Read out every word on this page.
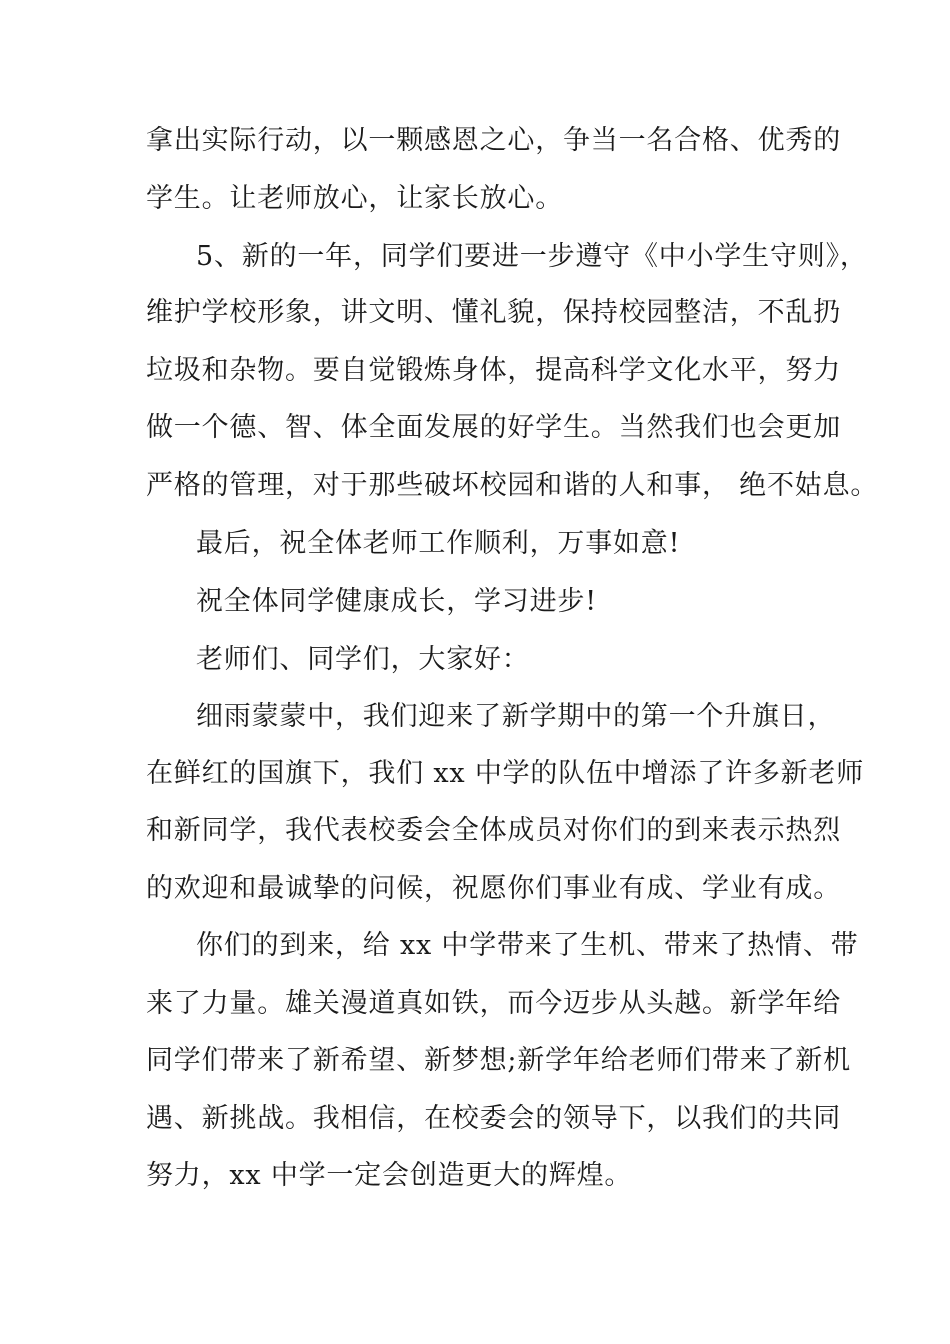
拿出实际行动，以一颗感恩之心，争当一名合格、优秀的
学生。让老师放心，让家长放心。
5、新的一年，同学们要进一步遵守《中小学生守则》，
维护学校形象，讲文明、懂礼貌，保持校园整洁，不乱扔
垃圾和杂物。要自觉锻炼身体，提高科学文化水平，努力
做一个德、智、体全面发展的好学生。当然我们也会更加
严格的管理，对于那些破坏校园和谐的人和事， 绝不姑息。
最后，祝全体老师工作顺利，万事如意!
祝全体同学健康成长，学习进步!
老师们、同学们，大家好：
细雨蒙蒙中，我们迎来了新学期中的第一个升旗日，
在鲜红的国旗下，我们 xx 中学的队伍中增添了许多新老师
和新同学，我代表校委会全体成员对你们的到来表示热烈
的欢迎和最诚挚的问候，祝愿你们事业有成、学业有成。
你们的到来，给 xx 中学带来了生机、带来了热情、带
来了力量。雄关漫道真如铁，而今迈步从头越。新学年给
同学们带来了新希望、新梦想;新学年给老师们带来了新机
遇、新挑战。我相信，在校委会的领导下，以我们的共同
努力，xx 中学一定会创造更大的辉煌。
